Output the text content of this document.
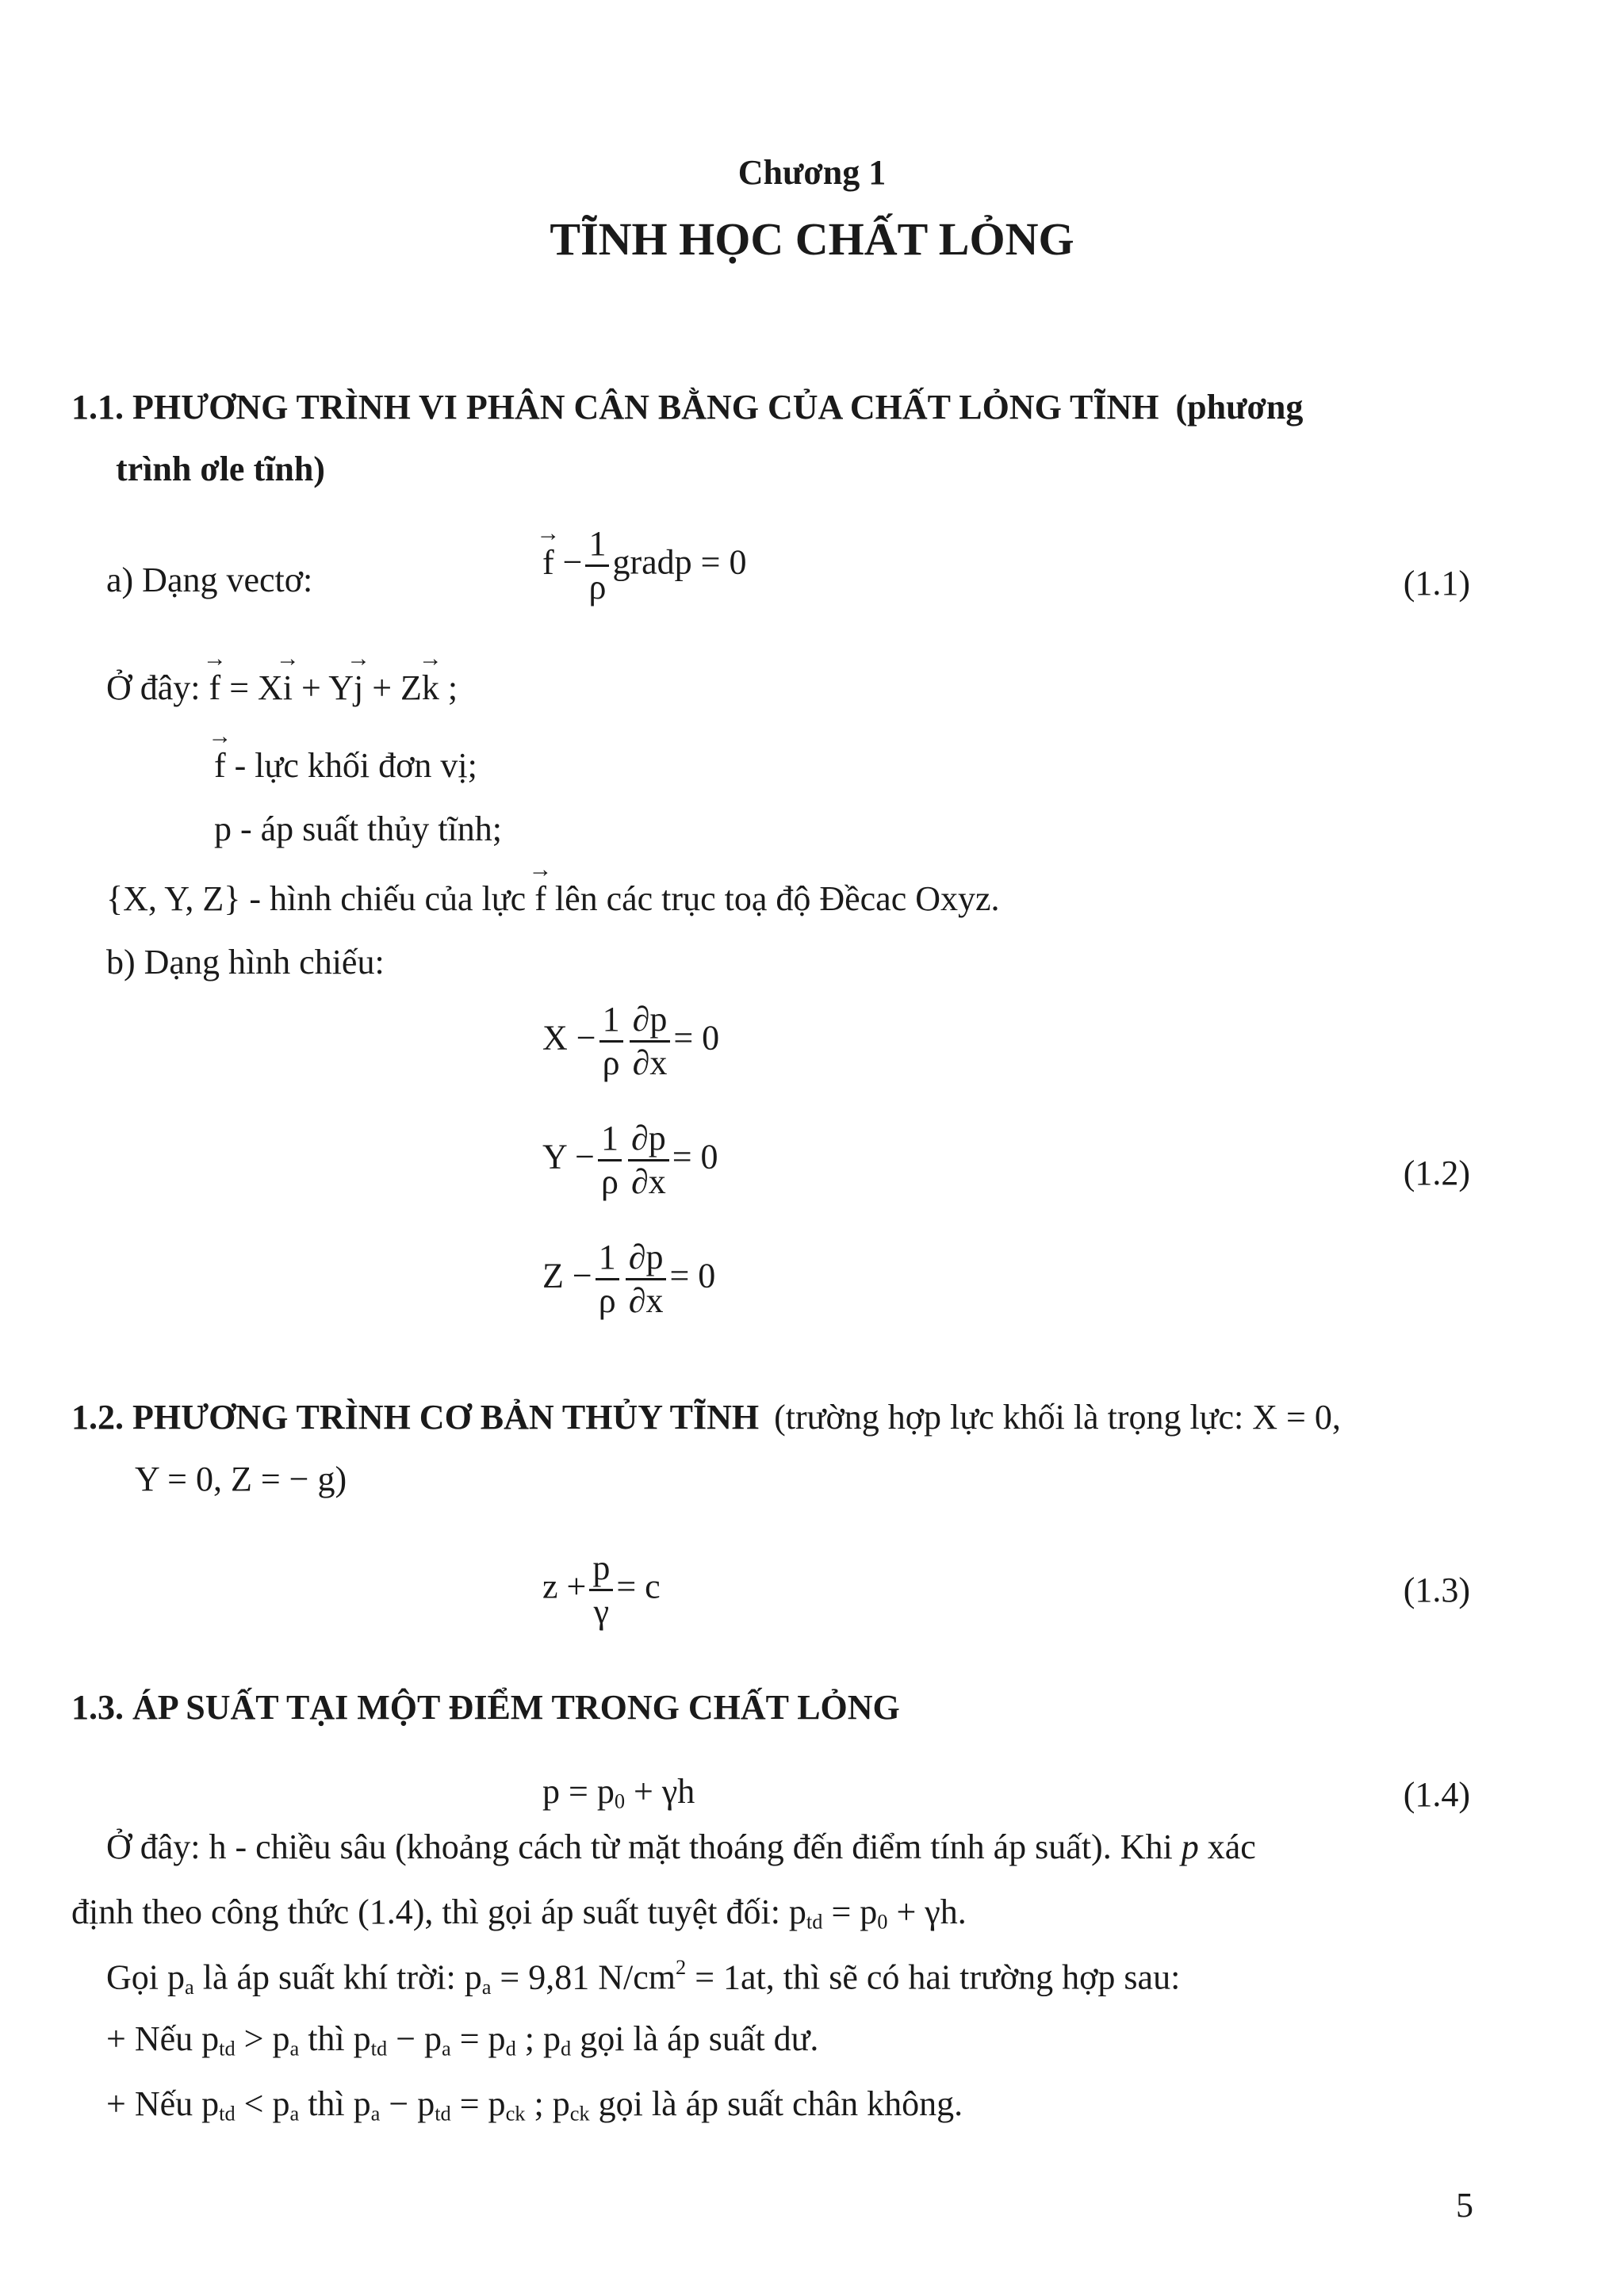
Chương 1
TĨNH HỌC CHẤT LỎNG
1.1. PHƯƠNG TRÌNH VI PHÂN CÂN BẰNG CỦA CHẤT LỎNG TĨNH (phương
trình ơle tĩnh)
a) Dạng vectơ:	→ $f - \frac{1}{\rho}$ gradp = 0
(1.1)
Ở đây: → f = X→ i + Y→ j + Z→ k ;
→ f - lực khối đơn vị;
p - áp suất thủy tĩnh;
{X, Y, Z} - hình chiếu của lực → f lên các trục toạ độ Đềcac Oxyz.
b) Dạng hình chiếu:
$X - \frac{1}{\rho} \frac{\partial p}{\partial x} = 0$
$Y - \frac{1}{\rho} \frac{\partial p}{\partial x} = 0$
$Z - \frac{1}{\rho} \frac{\partial p}{\partial x} = 0$
(1.2)
1.2. PHƯƠNG TRÌNH CƠ BẢN THỦY TĨNH (trường hợp lực khối là trọng lực: X = 0,
Y = 0, Z = − g)
$z + \frac{p}{\gamma} = c$	(1.3)
1.3. ÁP SUẤT TẠI MỘT ĐIỂM TRONG CHẤT LỎNG
$p = p_0 + \gamma h$	(1.4)
Ở đây: h - chiều sâu (khoảng cách từ mặt thoáng đến điểm tính áp suất). Khi p xác
định theo công thức (1.4), thì gọi áp suất tuyệt đối: $p_{td} = p_0 + \gamma h$.
Gọi $p_a$ là áp suất khí trời: $p_a = 9,81$ $N/cm^2 = 1at$, thì sẽ có hai trường hợp sau:
+ Nếu $p_{td} > p_a$ thì $p_{td} - p_a = p_d$ ; $p_d$ gọi là áp suất dư.
+ Nếu $p_{td} < p_a$ thì $p_a - p_{td} = p_{ck}$ ; $p_{ck}$ gọi là áp suất chân không.
5
